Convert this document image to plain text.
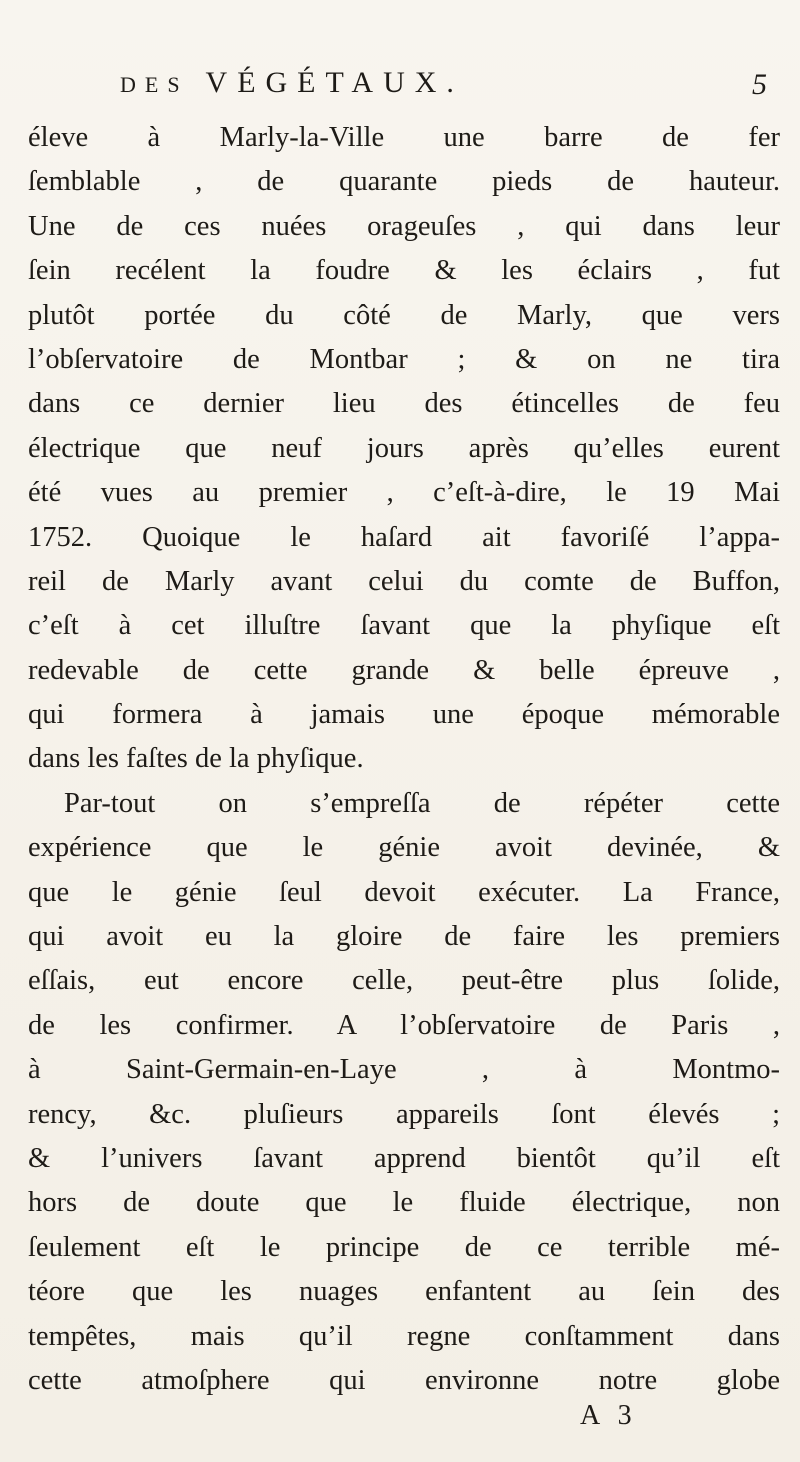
DES VÉGÉTAUX.	5
éleve à Marly-la-Ville une barre de fer
ſemblable , de quarante pieds de hauteur.
Une de ces nuées orageuſes , qui dans leur
ſein recélent la foudre & les éclairs , fut
plutôt portée du côté de Marly, que vers
l’obſervatoire de Montbar ; & on ne tira
dans ce dernier lieu des étincelles de feu
électrique que neuf jours après qu’elles eurent
été vues au premier , c’eſt-à-dire, le 19 Mai
1752. Quoique le haſard ait favoriſé l’appa-
reil de Marly avant celui du comte de Buffon,
c’eſt à cet illuſtre ſavant que la phyſique eſt
redevable de cette grande & belle épreuve ,
qui formera à jamais une époque mémorable
dans les faſtes de la phyſique.
Par-tout on s’empreſſa de répéter cette
expérience que le génie avoit devinée, &
que le génie ſeul devoit exécuter. La France,
qui avoit eu la gloire de faire les premiers
eſſais, eut encore celle, peut-être plus ſolide,
de les confirmer. A l’obſervatoire de Paris ,
à Saint-Germain-en-Laye , à Montmo-
rency, &c. pluſieurs appareils ſont élevés ;
& l’univers ſavant apprend bientôt qu’il eſt
hors de doute que le fluide électrique, non
ſeulement eſt le principe de ce terrible mé-
téore que les nuages enfantent au ſein des
tempêtes, mais qu’il regne conſtamment dans
cette atmoſphere qui environne notre globe
A 3
